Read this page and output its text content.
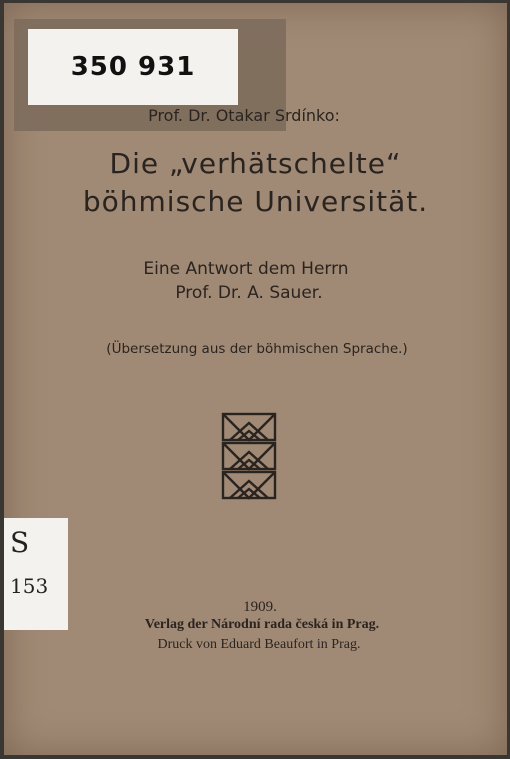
350 931
Prof. Dr. Otakar Srdínko:
Die „verhätschelte“
böhmische Universität.
Eine Antwort dem Herrn
Prof. Dr. A. Sauer.
(Übersetzung aus der böhmischen Sprache.)
S
153
1909.
Verlag der Národní rada česká in Prag.
Druck von Eduard Beaufort in Prag.
